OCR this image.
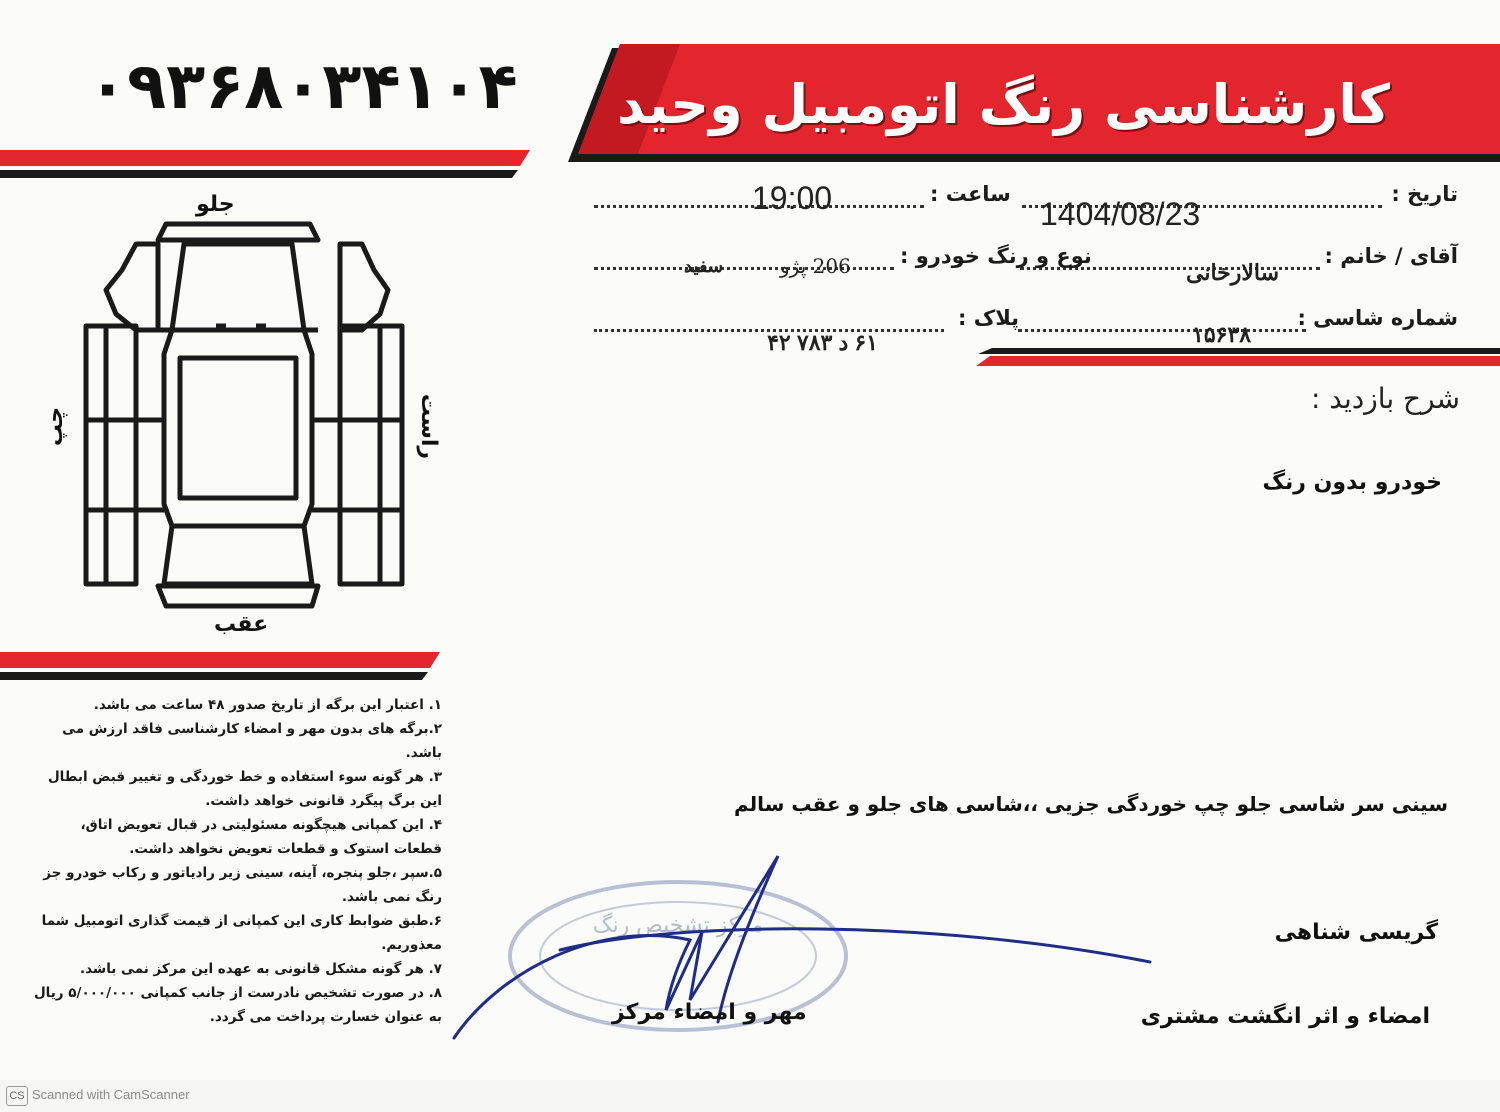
۰۹۳۶۸۰۳۴۱۰۴ کارشناسی رنگ اتومبیل وحید
تاریخ :
1404/08/23
ساعت :
19:00
آقای / خانم :
سالارخانی
نوع و رنگ خودرو :
206 پژو
سفید
شماره شاسی :
۱۵۶۳۸
پلاک :
۶۱ د ۷۸۳ ۴۲
شرح بازدید :
خودرو بدون رنگ
سینی سر شاسی جلو چپ خوردگی جزیی ،،شاسی های جلو و عقب سالم
گریسی شناهی
جلو
عقب
چپ	راست
۱. اعتبار این برگه از تاریخ صدور ۴۸ ساعت می باشد.
۲.برگه های بدون مهر و امضاء کارشناسی فاقد ارزش می باشد.
۳. هر گونه سوء استفاده و خط خوردگی و تغییر قبض ابطال این برگ پیگرد قانونی خواهد داشت.
۴. این کمپانی هیچگونه مسئولیتی در قبال تعویض اتاق، قطعات استوک و قطعات تعویض نخواهد داشت.
۵.سپر ،جلو پنجره، آینه، سینی زیر رادیاتور و رکاب خودرو جز رنگ نمی باشد.
۶.طبق ضوابط کاری این کمپانی از قیمت گذاری اتومبیل شما معذوریم.
۷. هر گونه مشکل قانونی به عهده این مرکز نمی باشد.
۸. در صورت تشخیص نادرست از جانب کمپانی ۵/۰۰۰/۰۰۰ ریال به عنوان خسارت پرداخت می گردد.
مرکز تشخیص رنگ
مهر و امضاء مرکز	امضاء و اثر انگشت مشتری
CS Scanned with CamScanner
